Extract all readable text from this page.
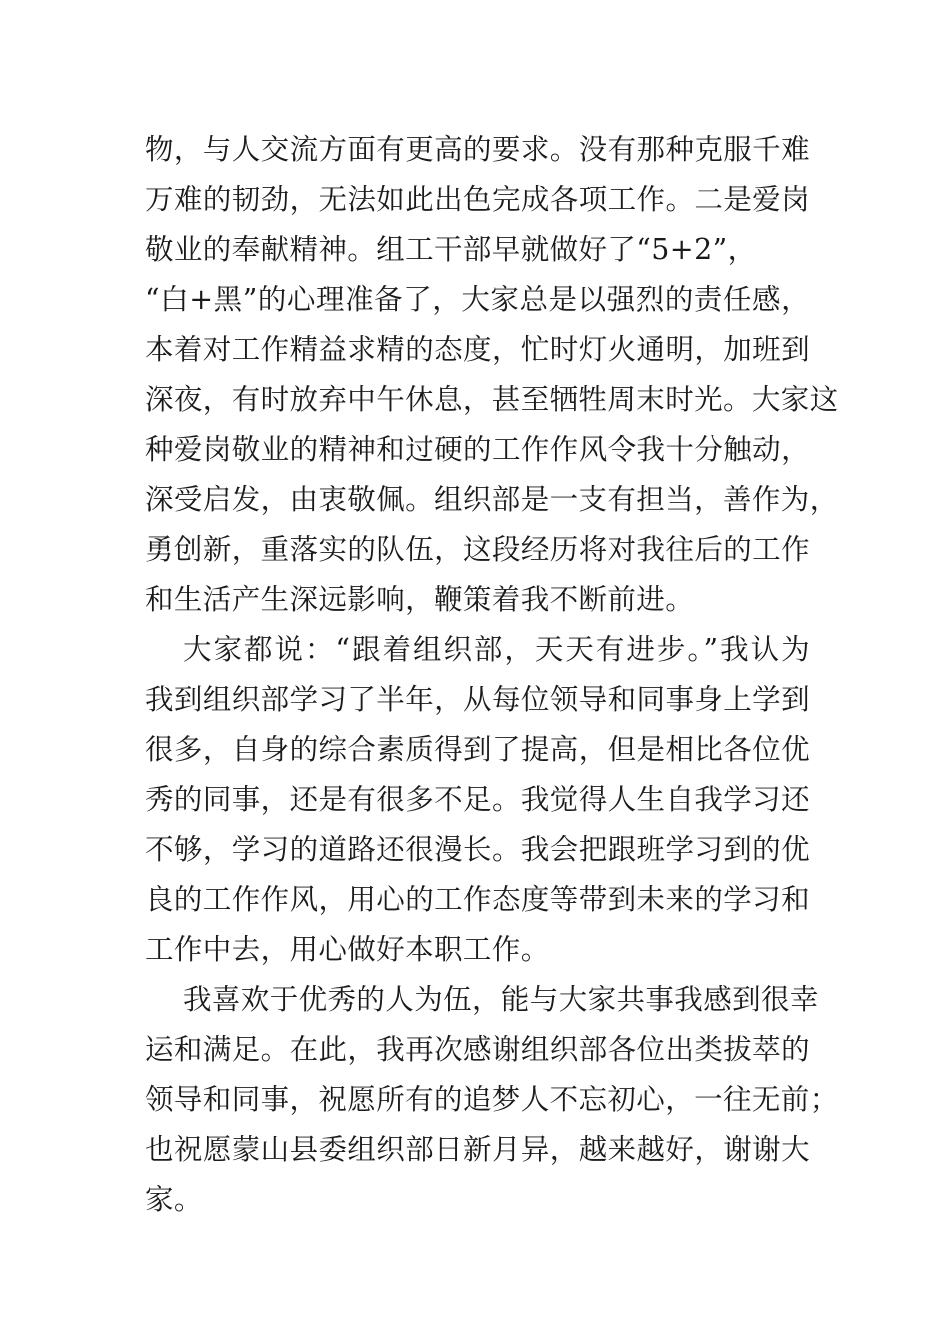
物，与人交流方面有更高的要求。没有那种克服千难
万难的韧劲，无法如此出色完成各项工作。二是爱岗
敬业的奉献精神。组工干部早就做好了“5+2”，
“白+黑”的心理准备了，大家总是以强烈的责任感，
本着对工作精益求精的态度，忙时灯火通明，加班到
深夜，有时放弃中午休息，甚至牺牲周末时光。大家这
种爱岗敬业的精神和过硬的工作作风令我十分触动，
深受启发，由衷敬佩。组织部是一支有担当，善作为，
勇创新，重落实的队伍，这段经历将对我往后的工作
和生活产生深远影响，鞭策着我不断前进。
大家都说：“跟着组织部，天天有进步。”我认为
我到组织部学习了半年，从每位领导和同事身上学到
很多，自身的综合素质得到了提高，但是相比各位优
秀的同事，还是有很多不足。我觉得人生自我学习还
不够，学习的道路还很漫长。我会把跟班学习到的优
良的工作作风，用心的工作态度等带到未来的学习和
工作中去，用心做好本职工作。
我喜欢于优秀的人为伍，能与大家共事我感到很幸
运和满足。在此，我再次感谢组织部各位出类拔萃的
领导和同事，祝愿所有的追梦人不忘初心，一往无前；
也祝愿蒙山县委组织部日新月异，越来越好，谢谢大
家。
